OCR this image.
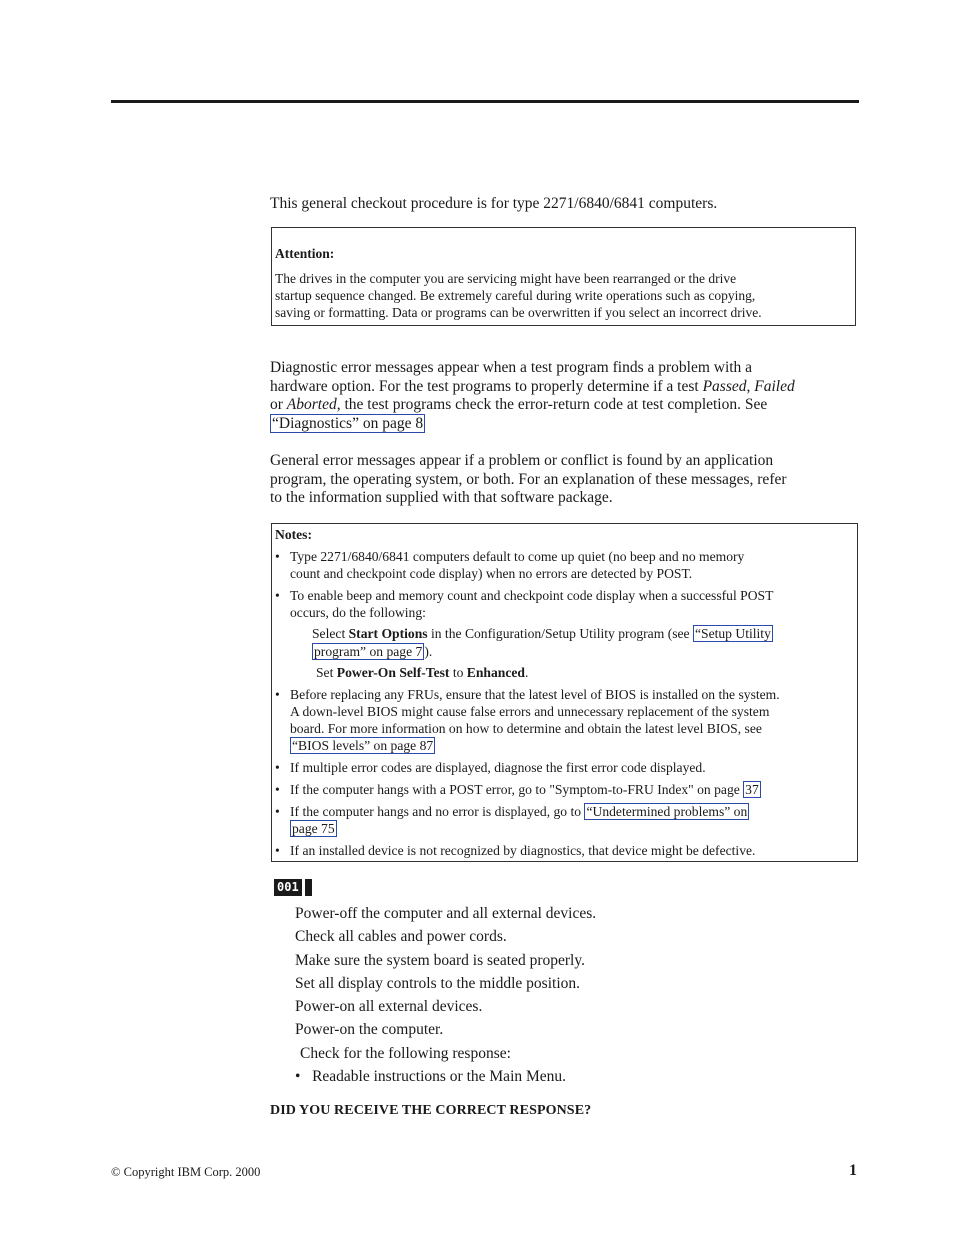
This general checkout procedure is for type 2271/6840/6841 computers.
Attention:
The drives in the computer you are servicing might have been rearranged or the drive
startup sequence changed. Be extremely careful during write operations such as copying,
saving or formatting. Data or programs can be overwritten if you select an incorrect drive.
Diagnostic error messages appear when a test program finds a problem with a
hardware option. For the test programs to properly determine if a test Passed, Failed
or Aborted, the test programs check the error-return code at test completion. See
“Diagnostics” on page 8
General error messages appear if a problem or conflict is found by an application
program, the operating system, or both. For an explanation of these messages, refer
to the information supplied with that software package.
Notes:
• Type 2271/6840/6841 computers default to come up quiet (no beep and no memory
count and checkpoint code display) when no errors are detected by POST.
• To enable beep and memory count and checkpoint code display when a successful POST
occurs, do the following:
Select Start Options in the Configuration/Setup Utility program (see “Setup Utility
program” on page 7 ).
Set Power-On Self-Test to Enhanced.
• Before replacing any FRUs, ensure that the latest level of BIOS is installed on the system.
A down-level BIOS might cause false errors and unnecessary replacement of the system
board. For more information on how to determine and obtain the latest level BIOS, see
“BIOS levels” on page 87
• If multiple error codes are displayed, diagnose the first error code displayed.
• If the computer hangs with a POST error, go to "Symptom-to-FRU Index" on page 37
• If the computer hangs and no error is displayed, go to “Undetermined problems” on
page 75
• If an installed device is not recognized by diagnostics, that device might be defective.
001
Power-off the computer and all external devices.
Check all cables and power cords.
Make sure the system board is seated properly.
Set all display controls to the middle position.
Power-on all external devices.
Power-on the computer.
Check for the following response:
• Readable instructions or the Main Menu.
DID YOU RECEIVE THE CORRECT RESPONSE?
© Copyright IBM Corp. 2000	1
